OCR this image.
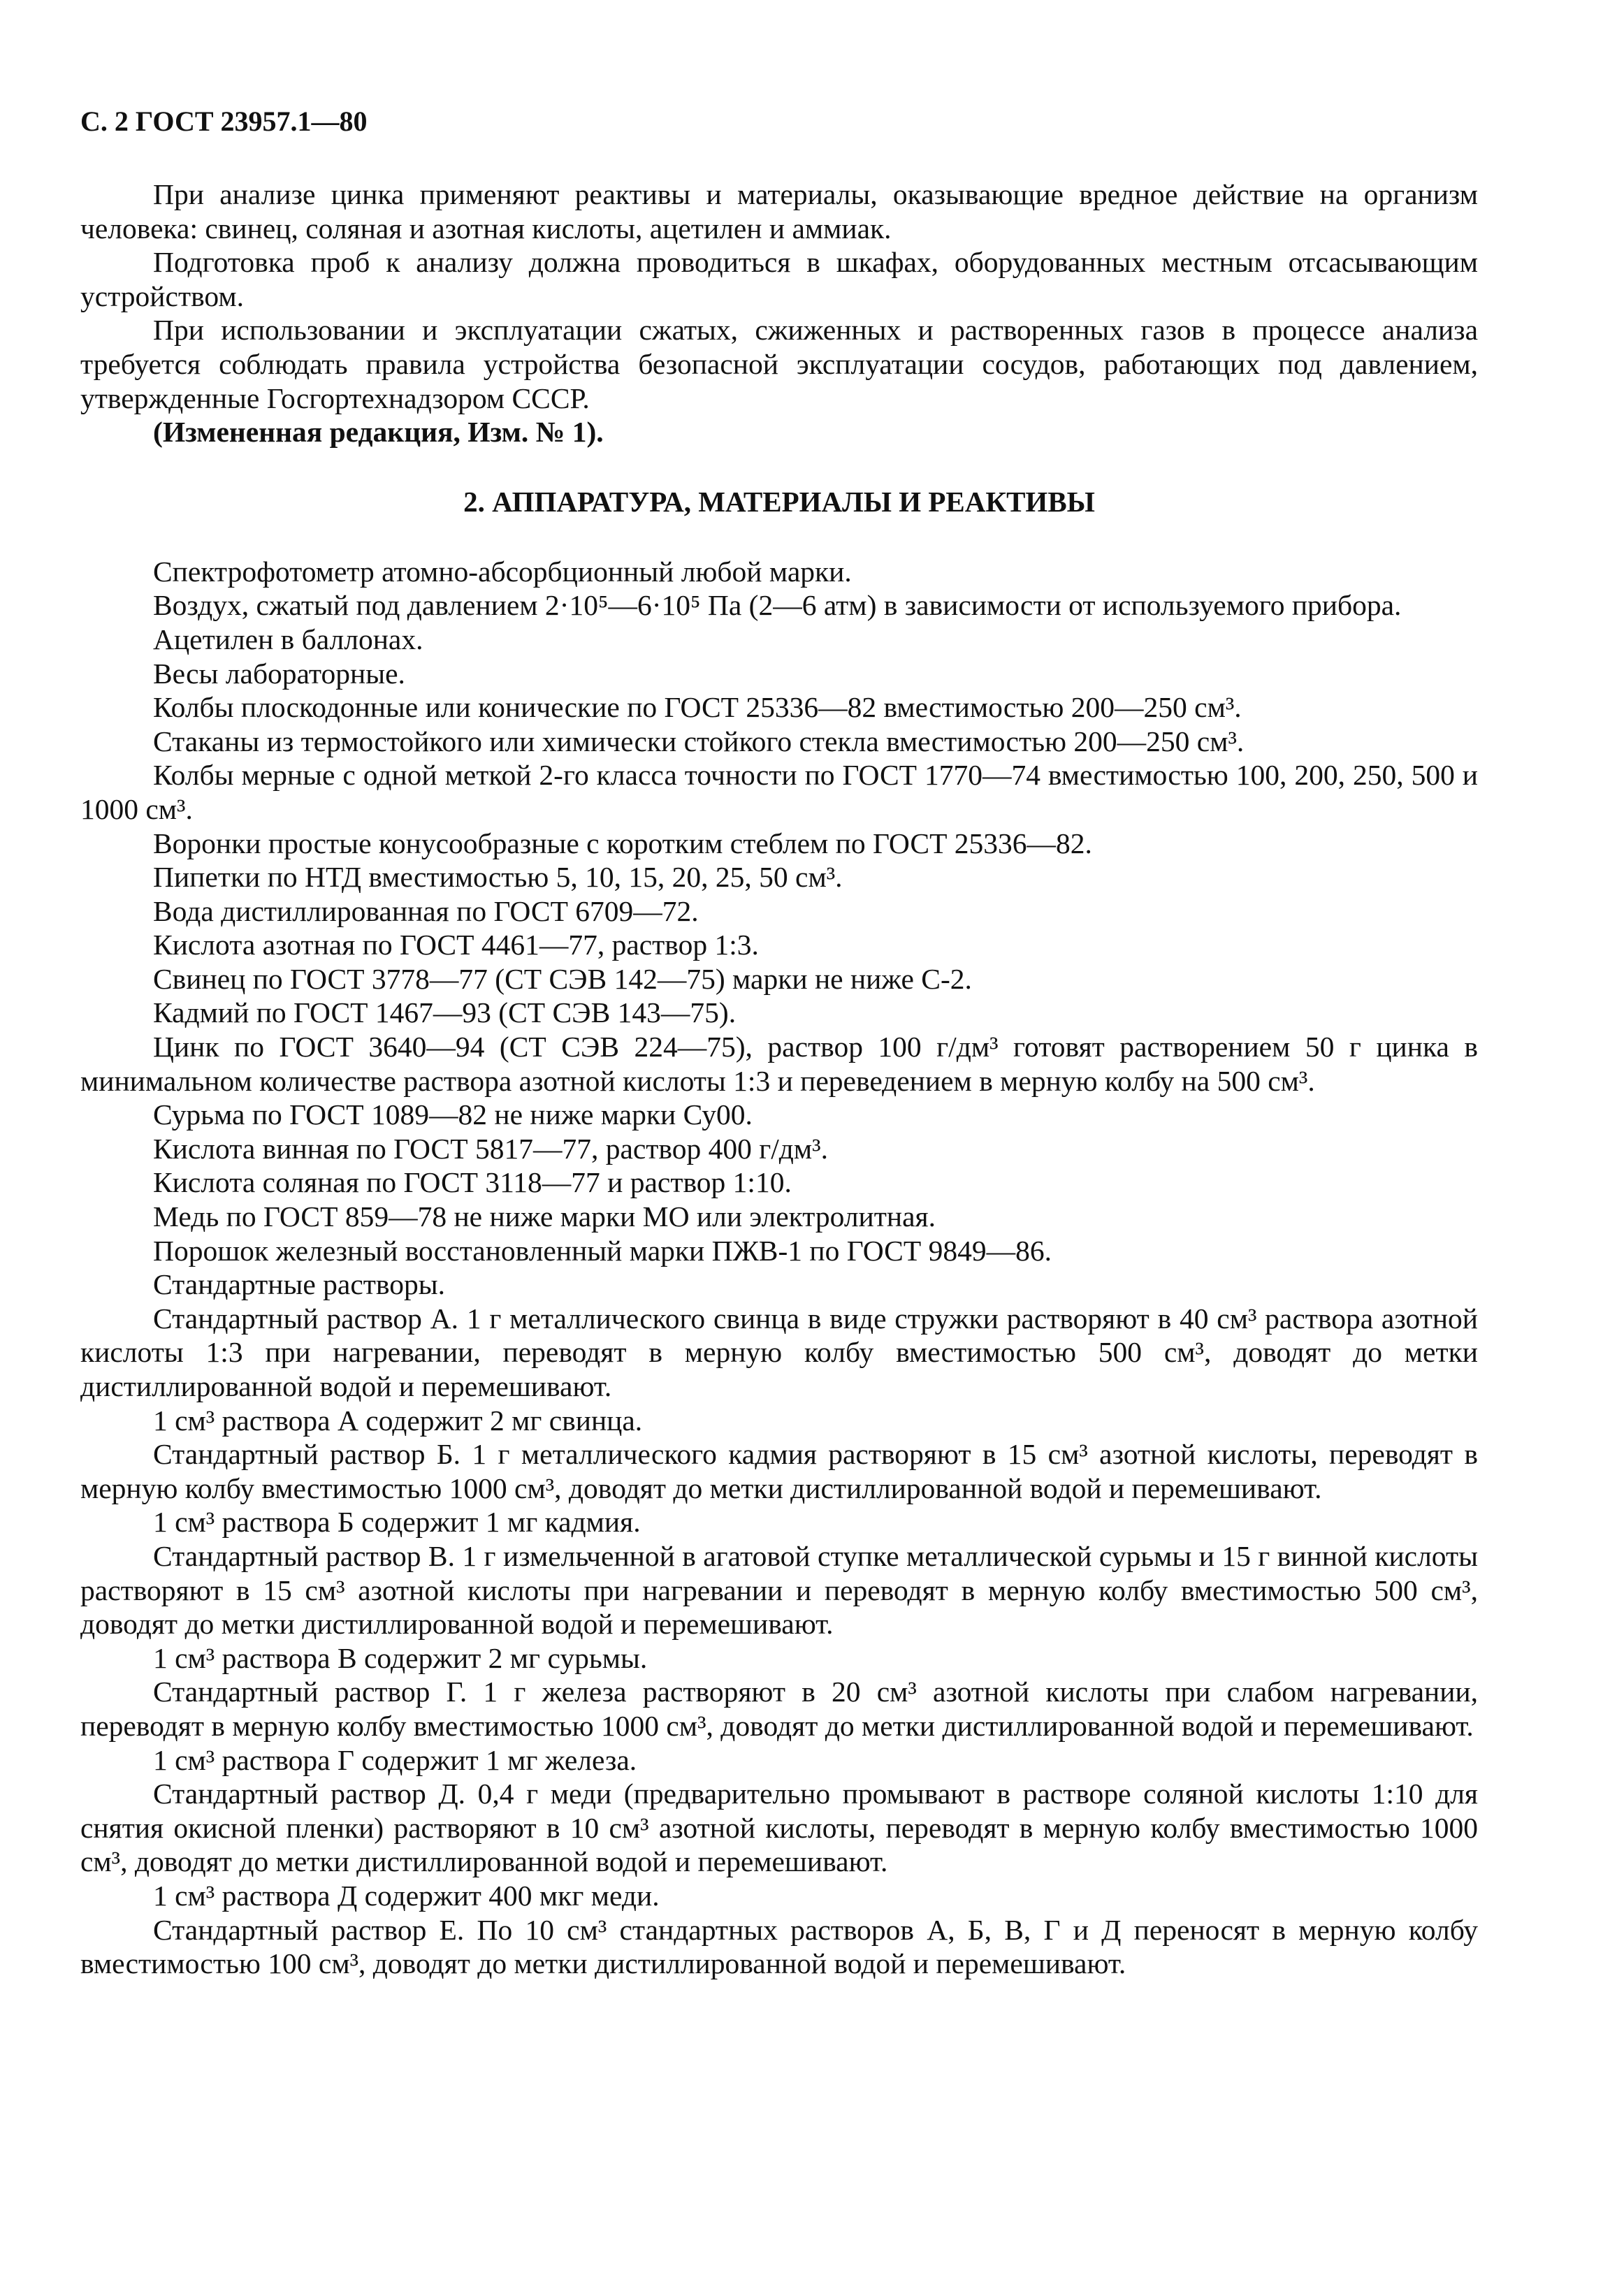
С. 2 ГОСТ 23957.1—80

При анализе цинка применяют реактивы и материалы, оказывающие вредное действие на организм человека: свинец, соляная и азотная кислоты, ацетилен и аммиак.

Подготовка проб к анализу должна проводиться в шкафах, оборудованных местным отсасывающим устройством.

При использовании и эксплуатации сжатых, сжиженных и растворенных газов в процессе анализа требуется соблюдать правила устройства безопасной эксплуатации сосудов, работающих под давлением, утвержденные Госгортехнадзором СССР.

(Измененная редакция, Изм. № 1).

2. АППАРАТУРА, МАТЕРИАЛЫ И РЕАКТИВЫ

Спектрофотометр атомно-абсорбционный любой марки.

Воздух, сжатый под давлением 2·10⁵—6·10⁵ Па (2—6 атм) в зависимости от используемого прибора.

Ацетилен в баллонах.

Весы лабораторные.

Колбы плоскодонные или конические по ГОСТ 25336—82 вместимостью 200—250 см³.

Стаканы из термостойкого или химически стойкого стекла вместимостью 200—250 см³.

Колбы мерные с одной меткой 2-го класса точности по ГОСТ 1770—74 вместимостью 100, 200, 250, 500 и 1000 см³.

Воронки простые конусообразные с коротким стеблем по ГОСТ 25336—82.

Пипетки по НТД вместимостью 5, 10, 15, 20, 25, 50 см³.

Вода дистиллированная по ГОСТ 6709—72.

Кислота азотная по ГОСТ 4461—77, раствор 1:3.

Свинец по ГОСТ 3778—77 (СТ СЭВ 142—75) марки не ниже С-2.

Кадмий по ГОСТ 1467—93 (СТ СЭВ 143—75).

Цинк по ГОСТ 3640—94 (СТ СЭВ 224—75), раствор 100 г/дм³ готовят растворением 50 г цинка в минимальном количестве раствора азотной кислоты 1:3 и переведением в мерную колбу на 500 см³.

Сурьма по ГОСТ 1089—82 не ниже марки Су00.

Кислота винная по ГОСТ 5817—77, раствор 400 г/дм³.

Кислота соляная по ГОСТ 3118—77 и раствор 1:10.

Медь по ГОСТ 859—78 не ниже марки МО или электролитная.

Порошок железный восстановленный марки ПЖВ-1 по ГОСТ 9849—86.

Стандартные растворы.

Стандартный раствор А. 1 г металлического свинца в виде стружки растворяют в 40 см³ раствора азотной кислоты 1:3 при нагревании, переводят в мерную колбу вместимостью 500 см³, доводят до метки дистиллированной водой и перемешивают.

1 см³ раствора А содержит 2 мг свинца.

Стандартный раствор Б. 1 г металлического кадмия растворяют в 15 см³ азотной кислоты, переводят в мерную колбу вместимостью 1000 см³, доводят до метки дистиллированной водой и перемешивают.

1 см³ раствора Б содержит 1 мг кадмия.

Стандартный раствор В. 1 г измельченной в агатовой ступке металлической сурьмы и 15 г винной кислоты растворяют в 15 см³ азотной кислоты при нагревании и переводят в мерную колбу вместимостью 500 см³, доводят до метки дистиллированной водой и перемешивают.

1 см³ раствора В содержит 2 мг сурьмы.

Стандартный раствор Г. 1 г железа растворяют в 20 см³ азотной кислоты при слабом нагревании, переводят в мерную колбу вместимостью 1000 см³, доводят до метки дистиллированной водой и перемешивают.

1 см³ раствора Г содержит 1 мг железа.

Стандартный раствор Д. 0,4 г меди (предварительно промывают в растворе соляной кислоты 1:10 для снятия окисной пленки) растворяют в 10 см³ азотной кислоты, переводят в мерную колбу вместимостью 1000 см³, доводят до метки дистиллированной водой и перемешивают.

1 см³ раствора Д содержит 400 мкг меди.

Стандартный раствор Е. По 10 см³ стандартных растворов А, Б, В, Г и Д переносят в мерную колбу вместимостью 100 см³, доводят до метки дистиллированной водой и перемешивают.
